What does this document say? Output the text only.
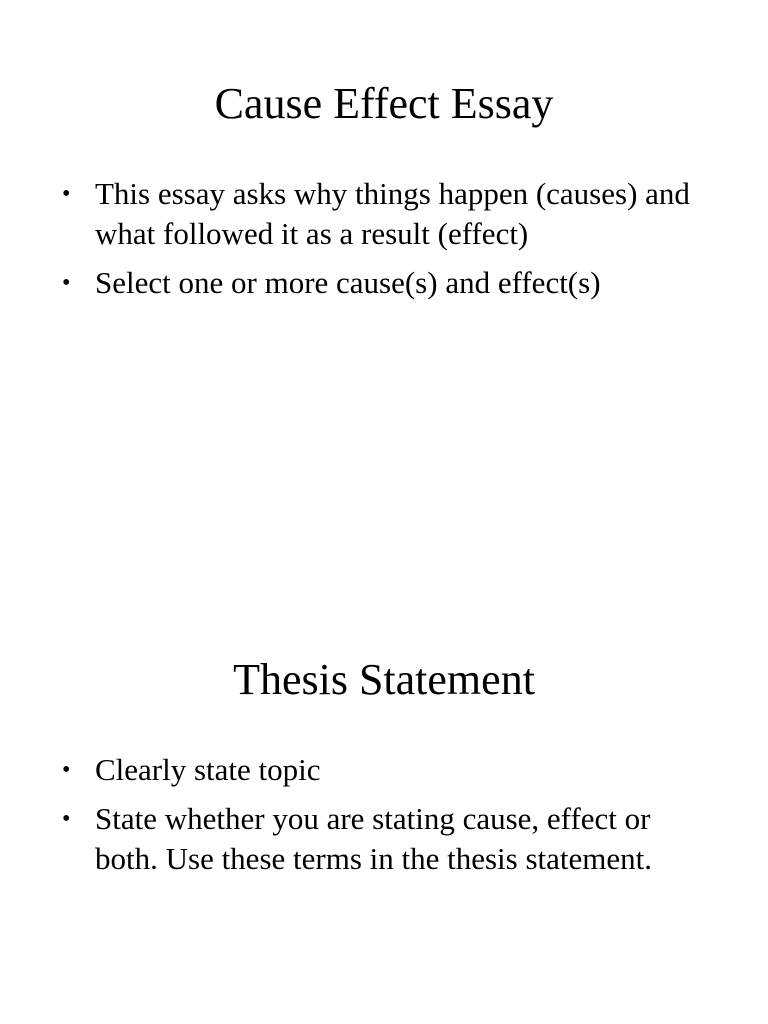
Cause Effect Essay
• This essay asks why things happen (causes) and what followed it as a result (effect)
• Select one or more cause(s) and effect(s)
Thesis Statement
• Clearly state topic
• State whether you are stating cause, effect or both. Use these terms in the thesis statement.
